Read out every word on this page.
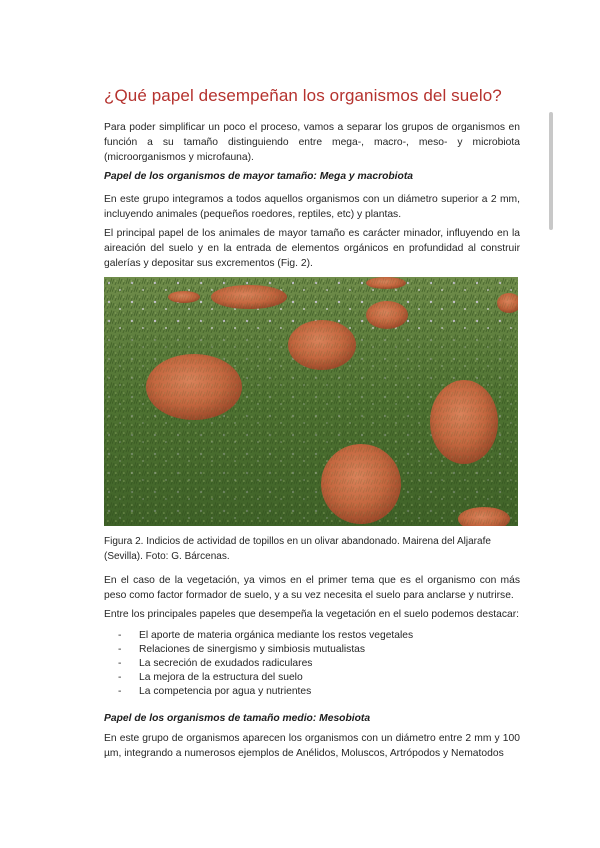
¿Qué papel desempeñan los organismos del suelo?

Para poder simplificar un poco el proceso, vamos a separar los grupos de organismos en función a su tamaño distinguiendo entre mega-, macro-, meso- y microbiota (microorganismos y microfauna).

Papel de los organismos de mayor tamaño: Mega y macrobiota

En este grupo integramos a todos aquellos organismos con un diámetro superior a 2 mm, incluyendo animales (pequeños roedores, reptiles, etc) y plantas.

El principal papel de los animales de mayor tamaño es carácter minador, influyendo en la aireación del suelo y en la entrada de elementos orgánicos en profundidad al construir galerías y depositar sus excrementos (Fig. 2).

Figura 2. Indicios de actividad de topillos en un olivar abandonado. Mairena del Aljarafe (Sevilla). Foto: G. Bárcenas.

En el caso de la vegetación, ya vimos en el primer tema que es el organismo con más peso como factor formador de suelo, y a su vez necesita el suelo para anclarse y nutrirse.

Entre los principales papeles que desempeña la vegetación en el suelo podemos destacar:

- El aporte de materia orgánica mediante los restos vegetales
- Relaciones de sinergismo y simbiosis mutualistas
- La secreción de exudados radiculares
- La mejora de la estructura del suelo
- La competencia por agua y nutrientes

Papel de los organismos de tamaño medio: Mesobiota

En este grupo de organismos aparecen los organismos con un diámetro entre 2 mm y 100 µm, integrando a numerosos ejemplos de Anélidos, Moluscos, Artrópodos y Nematodos
